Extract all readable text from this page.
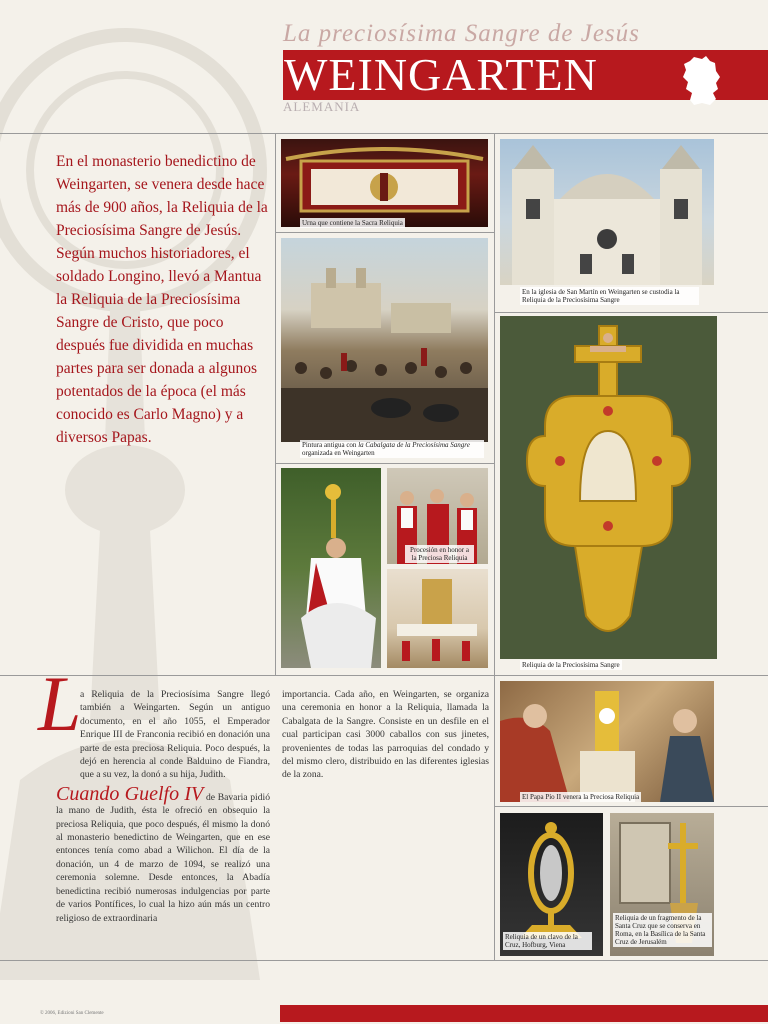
La preciosísima Sangre de Jesús
WEINGARTEN
ALEMANIA
En el monasterio benedictino de Weingarten, se venera desde hace más de 900 años, la Reliquia de la Preciosísima Sangre de Jesús. Según muchos historiadores, el soldado Longino, llevó a Mantua la Reliquia de la Preciosísima Sangre de Cristo, que poco después fue dividida en muchas partes para ser donada a algunos potentados de la época (el más conocido es Carlo Magno) y a diversos Papas.
Urna que contiene la Sacra Reliquia
En la iglesia de San Martín en Weingarten se custodia la Reliquia de la Preciosísima Sangre
Pintura antigua con la Cabalgata de la Preciosísima Sangre organizada en Weingarten
Procesión en honor a la Preciosa Reliquia
Reliquia de la Preciosísima Sangre
El Papa Pío II venera la Preciosa Reliquia
Reliquia de un clavo de la Cruz, Hofburg, Viena
Reliquia de un fragmento de la Santa Cruz que se conserva en Roma, en la Basílica de la Santa Cruz de Jerusalém
L
a Reliquia de la Preciosísima Sangre llegó también a Weingarten. Según un antiguo documento, en el año 1055, el Emperador Enrique III de Franconia recibió en donación una parte de esta preciosa Reliquia. Poco después, la dejó en herencia al conde Balduino de Fiandra, que a su vez, la donó a su hija, Judith.
Cuando Guelfo IV de Bavaria pidió la mano de Judith, ésta le ofreció en obsequio la preciosa Reliquia, que poco después, él mismo la donó al monasterio benedictino de Weingarten, que en ese entonces tenía como abad a Wilichon. El día de la donación, un 4 de marzo de 1094, se realizó una ceremonia solemne. Desde entonces, la Abadía benedictina recibió numerosas indulgencias por parte de varios Pontífices, lo cual la hizo aún más un centro religioso de extraordinaria
importancia. Cada año, en Weingarten, se organiza una ceremonia en honor a la Reliquia, llamada la Cabalgata de la Sangre. Consiste en un desfile en el cual participan casi 3000 caballos con sus jinetes, provenientes de todas las parroquias del condado y del mismo clero, distribuido en las diferentes iglesias de la zona.
© 2006, Edizioni San Clemente
